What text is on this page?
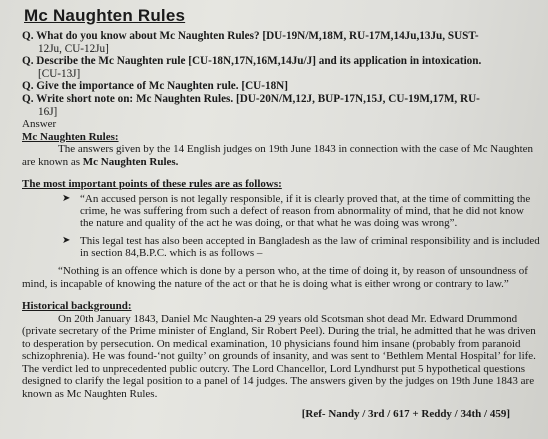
Mc Naughten Rules

Q. What do you know about Mc Naughten Rules? [DU-19N/M,18M, RU-17M,14Ju,13Ju, SUST-
12Ju, CU-12Ju]

Q. Describe the Mc Naughten rule [CU-18N,17N,16M,14Ju/J] and its application in intoxication.
[CU-13J]

Q. Give the importance of Mc Naughten rule. [CU-18N]

Q. Write short note on: Mc Naughten Rules. [DU-20N/M,12J, BUP-17N,15J, CU-19M,17M, RU-
16J]

Answer

Mc Naughten Rules:

The answers given by the 14 English judges on 19th June 1843 in connection with the case of Mc Naughten are known as Mc Naughten Rules.

The most important points of these rules are as follows:

➤ “An accused person is not legally responsible, if it is clearly proved that, at the time of committing the crime, he was suffering from such a defect of reason from abnormality of mind, that he did not know the nature and quality of the act he was doing, or that what he was doing was wrong”.
➤ This legal test has also been accepted in Bangladesh as the law of criminal responsibility and is included in section 84,B.P.C. which is as follows –

“Nothing is an offence which is done by a person who, at the time of doing it, by reason of unsoundness of mind, is incapable of knowing the nature of the act or that he is doing what is either wrong or contrary to law.”

Historical background:

On 20th January 1843, Daniel Mc Naughten-a 29 years old Scotsman shot dead Mr. Edward Drummond (private secretary of the Prime minister of England, Sir Robert Peel). During the trial, he admitted that he was driven to desperation by persecution. On medical examination, 10 physicians found him insane (probably from paranoid schizophrenia). He was found-‘not guilty’ on grounds of insanity, and was sent to ‘Bethlem Mental Hospital’ for life. The verdict led to unprecedented public outcry. The Lord Chancellor, Lord Lyndhurst put 5 hypothetical questions designed to clarify the legal position to a panel of 14 judges. The answers given by the judges on 19th June 1843 are known as Mc Naughten Rules.

[Ref- Nandy / 3rd / 617 + Reddy / 34th / 459]
